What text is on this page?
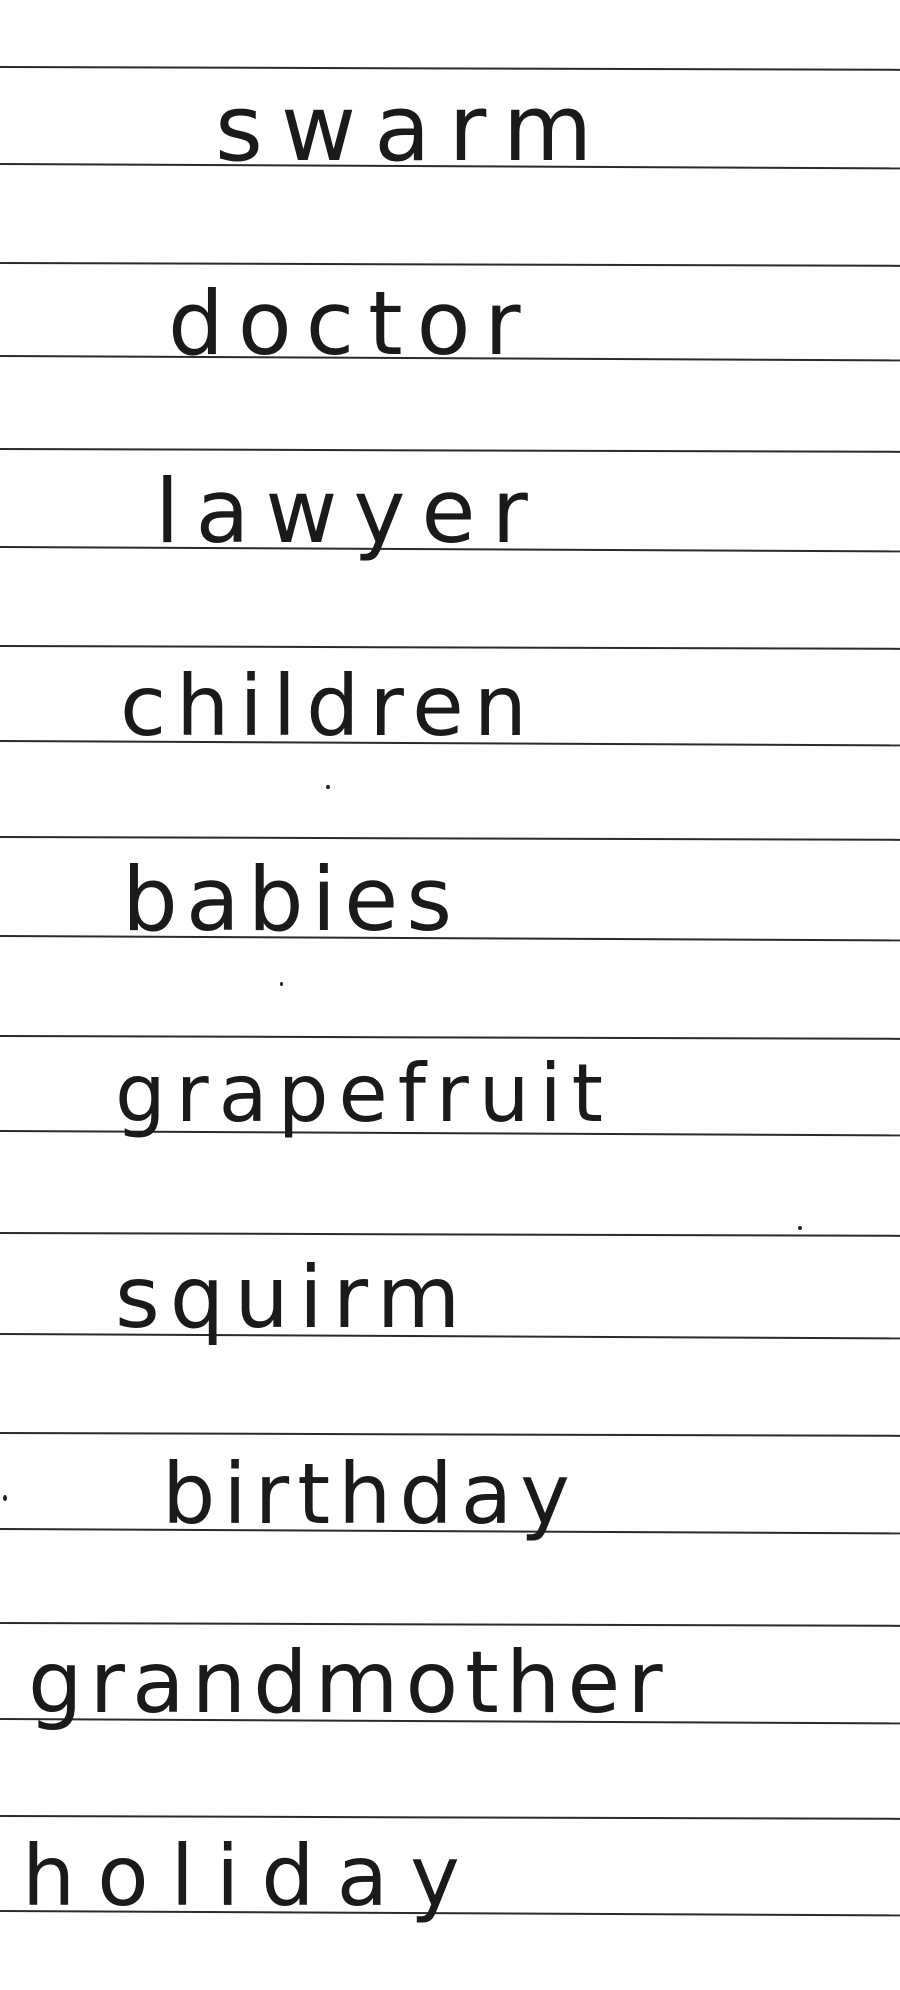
swarm

doctor

lawyer

children

babies

grapefruit

squirm

birthday

grandmother

holiday
